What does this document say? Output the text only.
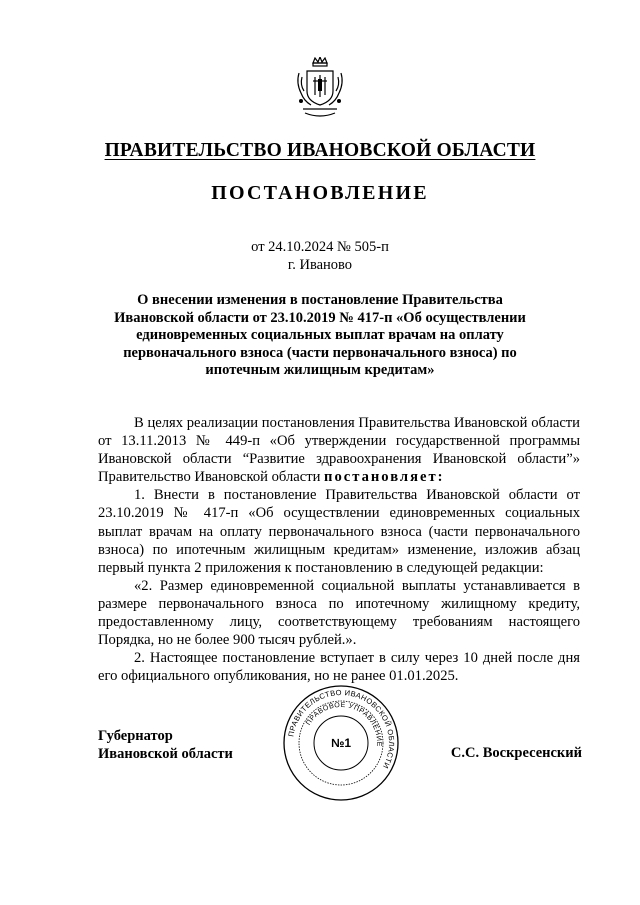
ПРАВИТЕЛЬСТВО ИВАНОВСКОЙ ОБЛАСТИ
ПОСТАНОВЛЕНИЕ
от 24.10.2024 № 505-п
г. Иваново
О внесении изменения в постановление Правительства Ивановской области от 23.10.2019 № 417-п «Об осуществлении единовременных социальных выплат врачам на оплату первоначального взноса (части первоначального взноса) по ипотечным жилищным кредитам»

В целях реализации постановления Правительства Ивановской области от 13.11.2013 № 449-п «Об утверждении государственной программы Ивановской области “Развитие здравоохранения Ивановской области”» Правительство Ивановской области постановляет:

1. Внести в постановление Правительства Ивановской области от 23.10.2019 № 417-п «Об осуществлении единовременных социальных выплат врачам на оплату первоначального взноса (части первоначального взноса) по ипотечным жилищным кредитам» изменение, изложив абзац первый пункта 2 приложения к постановлению в следующей редакции:

«2. Размер единовременной социальной выплаты устанавливается в размере первоначального взноса по ипотечному жилищному кредиту, предоставленному лицу, соответствующему требованиям настоящего Порядка, но не более 900 тысяч рублей.».

2. Настоящее постановление вступает в силу через 10 дней после дня его официального опубликования, но не ранее 01.01.2025.

Губернатор
Ивановской области	С.С. Воскресенский
ПРАВИТЕЛЬСТВО ИВАНОВСКОЙ ОБЛАСТИ
ПРАВОВОЕ УПРАВЛЕНИЕ
№1
